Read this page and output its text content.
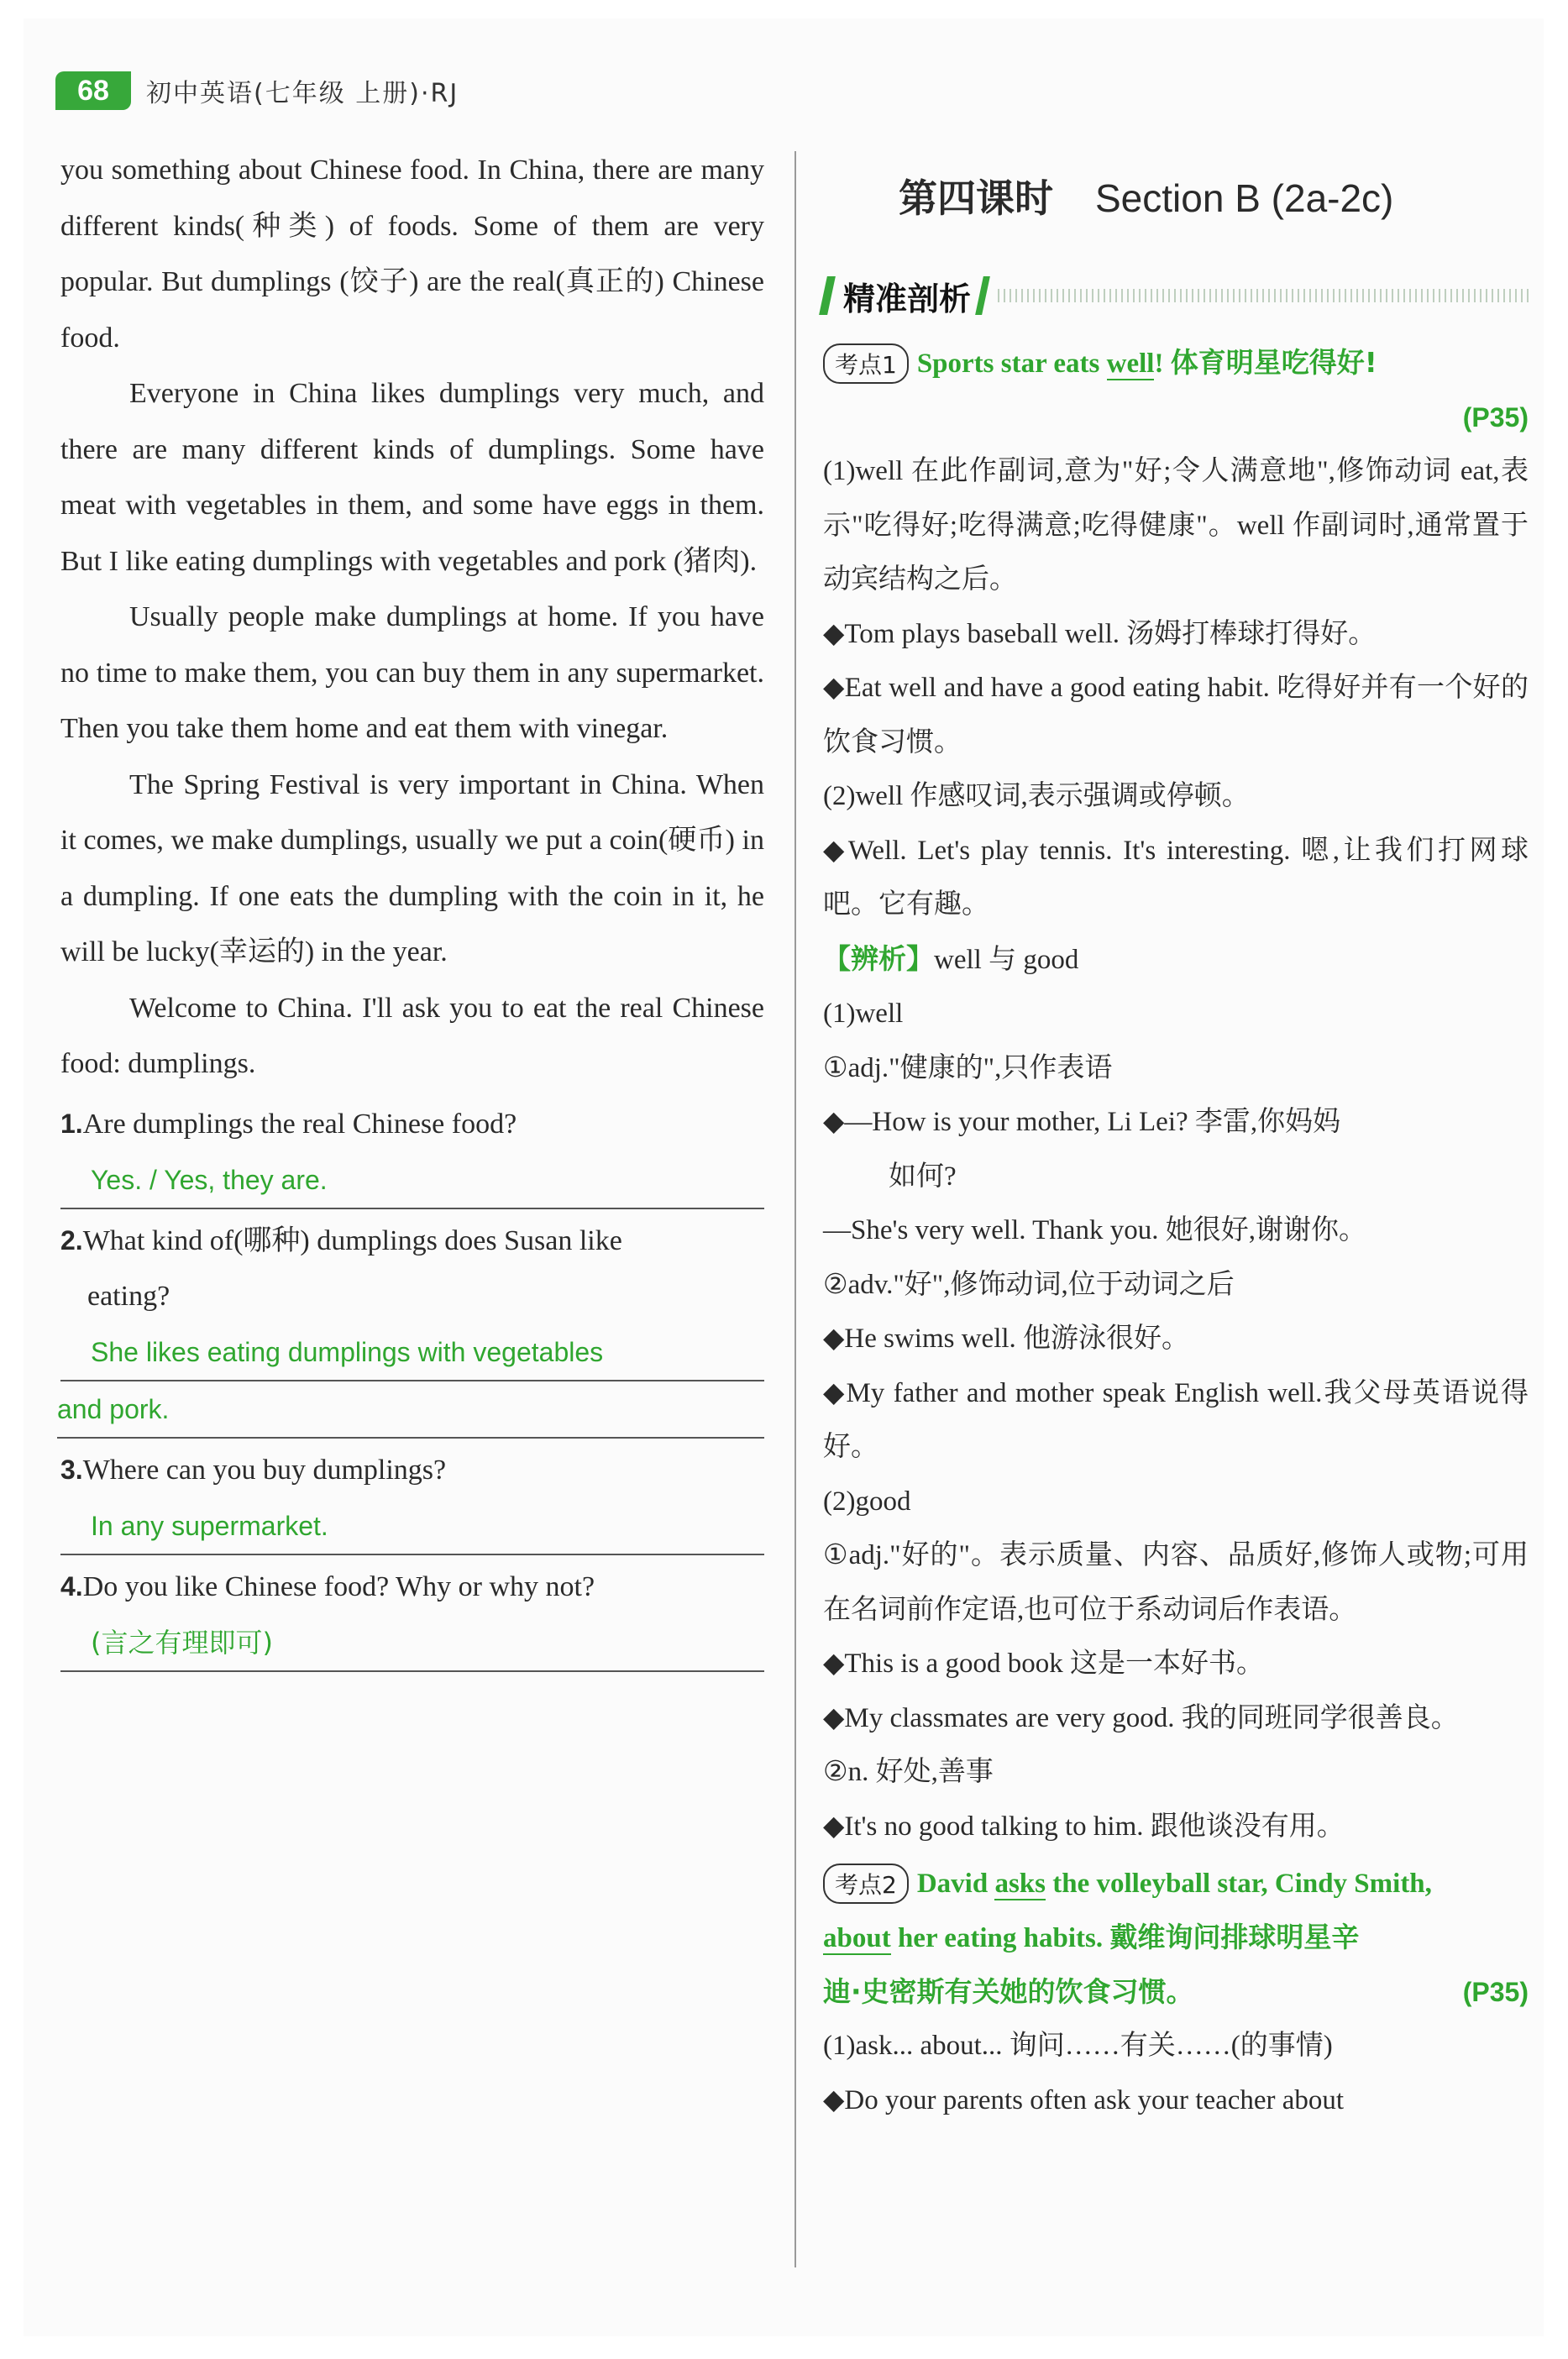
68	初中英语(七年级 上册)·RJ

you something about Chinese food. In China, there are many different kinds(种类) of foods. Some of them are very popular. But dumplings (饺子) are the real(真正的) Chinese food.

Everyone in China likes dumplings very much, and there are many different kinds of dumplings. Some have meat with vegetables in them, and some have eggs in them. But I like eating dumplings with vegetables and pork (猪肉).

Usually people make dumplings at home. If you have no time to make them, you can buy them in any supermarket. Then you take them home and eat them with vinegar.

The Spring Festival is very important in China. When it comes, we make dumplings, usually we put a coin(硬币) in a dumpling. If one eats the dumpling with the coin in it, he will be lucky(幸运的) in the year.

Welcome to China. I'll ask you to eat the real Chinese food: dumplings.

1.Are dumplings the real Chinese food?
Yes. / Yes, they are.
2.What kind of(哪种) dumplings does Susan like
eating?
She likes eating dumplings with vegetables
and pork.
3.Where can you buy dumplings?
In any supermarket.
4.Do you like Chinese food? Why or why not?
(言之有理即可)
第四课时 Section B (2a-2c)
精准剖析
考点1 Sports star eats well! 体育明星吃得好!
(P35)

(1)well 在此作副词,意为"好;令人满意地",修饰动词 eat,表示"吃得好;吃得满意;吃得健康"。well 作副词时,通常置于动宾结构之后。

◆Tom plays baseball well. 汤姆打棒球打得好。

◆Eat well and have a good eating habit. 吃得好并有一个好的饮食习惯。

(2)well 作感叹词,表示强调或停顿。

◆Well. Let's play tennis. It's interesting. 嗯,让我们打网球吧。它有趣。

【辨析】well 与 good

(1)well

①adj."健康的",只作表语

◆—How is your mother, Li Lei? 李雷,你妈妈

如何?

—She's very well. Thank you. 她很好,谢谢你。

②adv."好",修饰动词,位于动词之后

◆He swims well. 他游泳很好。

◆My father and mother speak English well.我父母英语说得好。

(2)good

①adj."好的"。表示质量、内容、品质好,修饰人或物;可用在名词前作定语,也可位于系动词后作表语。

◆This is a good book 这是一本好书。

◆My classmates are very good. 我的同班同学很善良。

②n. 好处,善事

◆It's no good talking to him. 跟他谈没有用。

考点2 David asks the volleyball star, Cindy Smith,
about her eating habits. 戴维询问排球明星辛
迪·史密斯有关她的饮食习惯。	(P35)

(1)ask... about... 询问……有关……(的事情)

◆Do your parents often ask your teacher about
